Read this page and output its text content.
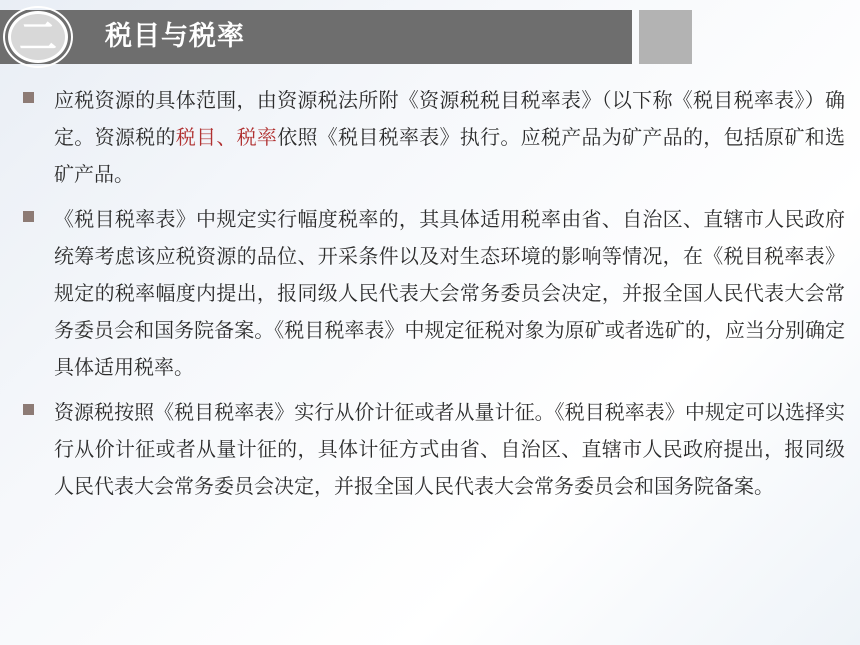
二	税目与税率

应税资源的具体范围，由资源税法所附《资源税税目税率表》（以下称《税目税率表》）确定。资源税的税目、税率依照《税目税率表》执行。应税产品为矿产品的，包括原矿和选矿产品。

《税目税率表》中规定实行幅度税率的，其具体适用税率由省、自治区、直辖市人民政府统筹考虑该应税资源的品位、开采条件以及对生态环境的影响等情况，在《税目税率表》规定的税率幅度内提出，报同级人民代表大会常务委员会决定，并报全国人民代表大会常务委员会和国务院备案。《税目税率表》中规定征税对象为原矿或者选矿的，应当分别确定具体适用税率。

资源税按照《税目税率表》实行从价计征或者从量计征。《税目税率表》中规定可以选择实行从价计征或者从量计征的，具体计征方式由省、自治区、直辖市人民政府提出，报同级人民代表大会常务委员会决定，并报全国人民代表大会常务委员会和国务院备案。
